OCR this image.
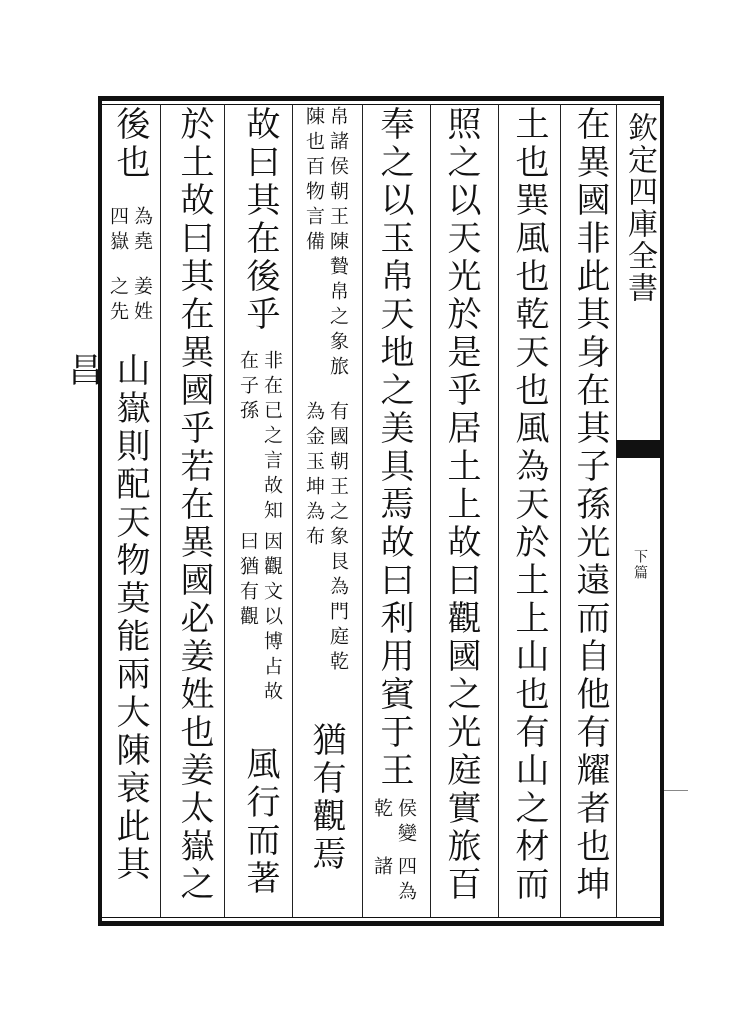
欽定四庫全書
下篇
在異國非此其身在其子孫光遠而自他有耀者也坤
土也巽風也乾天也風為天於土上山也有山之材而
照之以天光於是乎居土上故曰觀國之光庭實旅百
奉之以玉帛天地之美具焉故曰利用賓于王
四為諸
侯變乾
有國朝王之象艮為門庭乾為金玉坤為布
帛諸侯朝王陳贄帛之象旅陳也百物言備
猶有觀焉
故曰其在後乎
因觀文以博占故曰猶有觀
非在已之言故知在子孫
風行而著
於土故曰其在異國乎若在異國必姜姓也姜太嶽之
後也
姜姓之先
為堯四嶽
山嶽則配天物莫能兩大陳衰此其昌
